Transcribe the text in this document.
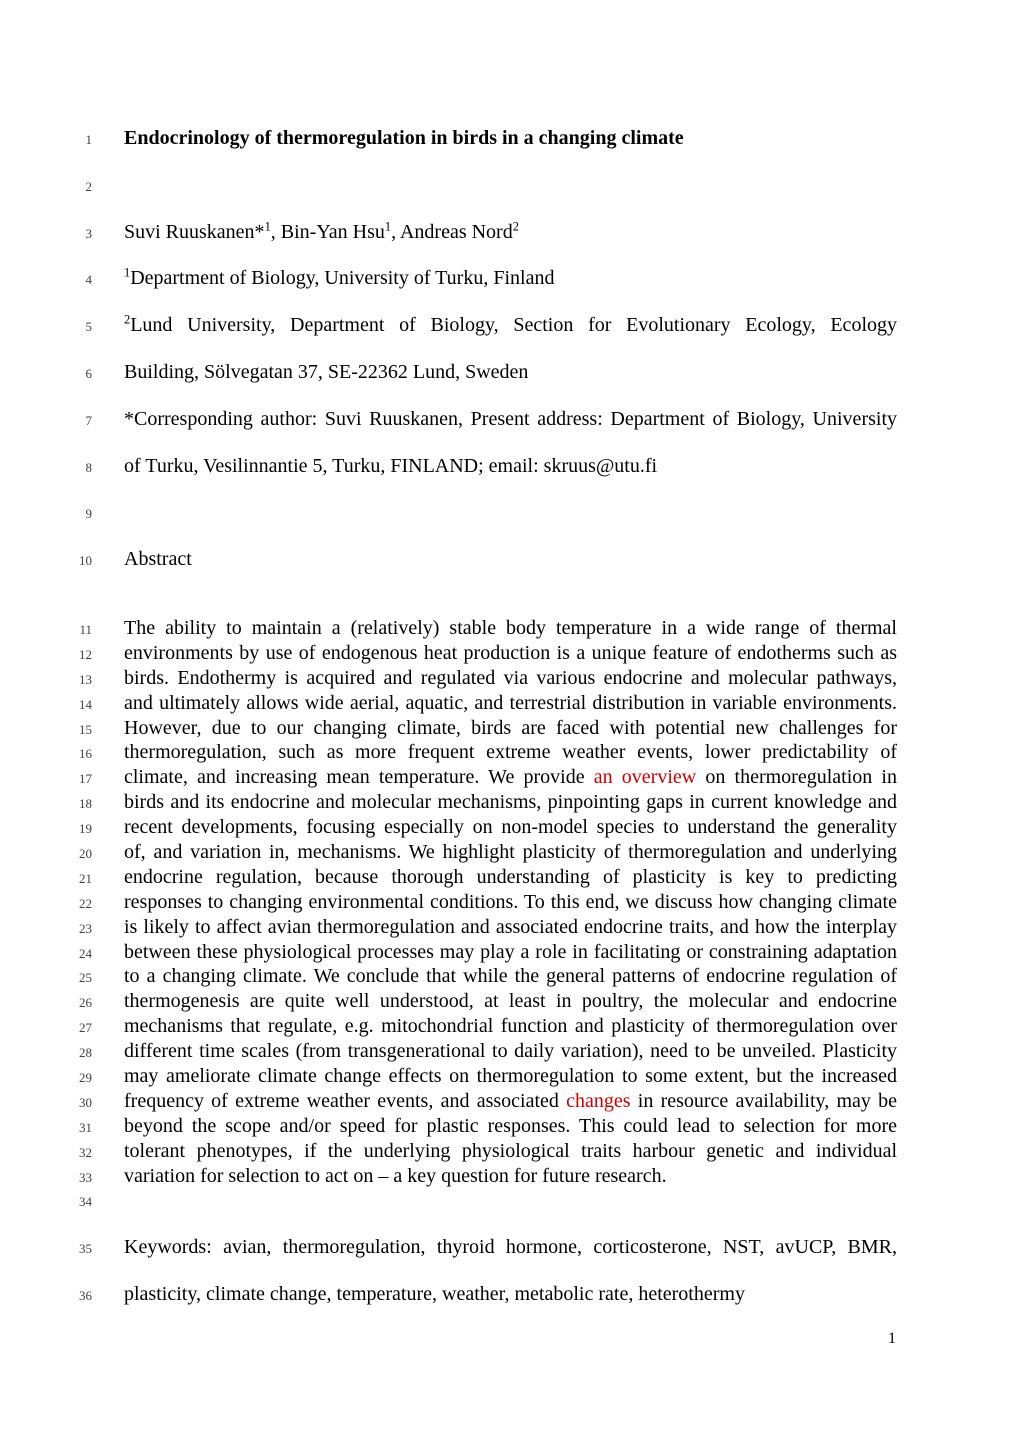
1 Endocrinology of thermoregulation in birds in a changing climate
2

3 Suvi Ruuskanen*$^1$, Bin-Yan Hsu$^1$, Andreas Nord$^2$
4	$^1$Department of Biology, University of Turku, Finland
5	$^2$Lund University, Department of Biology, Section for Evolutionary Ecology, Ecology
6 Building, Sölvegatan 37, SE-22362 Lund, Sweden
7 *Corresponding author: Suvi Ruuskanen, Present address: Department of Biology, University
8 of Turku, Vesilinnantie 5, Turku, FINLAND; email: skruus@utu.fi
9

10 Abstract
11 The ability to maintain a (relatively) stable body temperature in a wide range of thermal
12 environments by use of endogenous heat production is a unique feature of endotherms such as
13 birds. Endothermy is acquired and regulated via various endocrine and molecular pathways,
14 and ultimately allows wide aerial, aquatic, and terrestrial distribution in variable environments.
15 However, due to our changing climate, birds are faced with potential new challenges for
16 thermoregulation, such as more frequent extreme weather events, lower predictability of
17 climate, and increasing mean temperature. We provide an overview on thermoregulation in
18 birds and its endocrine and molecular mechanisms, pinpointing gaps in current knowledge and
19 recent developments, focusing especially on non-model species to understand the generality
20 of, and variation in, mechanisms. We highlight plasticity of thermoregulation and underlying
21 endocrine regulation, because thorough understanding of plasticity is key to predicting
22 responses to changing environmental conditions. To this end, we discuss how changing climate
23 is likely to affect avian thermoregulation and associated endocrine traits, and how the interplay
24 between these physiological processes may play a role in facilitating or constraining adaptation
25 to a changing climate. We conclude that while the general patterns of endocrine regulation of
26 thermogenesis are quite well understood, at least in poultry, the molecular and endocrine
27 mechanisms that regulate, e.g. mitochondrial function and plasticity of thermoregulation over
28 different time scales (from transgenerational to daily variation), need to be unveiled. Plasticity
29 may ameliorate climate change effects on thermoregulation to some extent, but the increased
30 frequency of extreme weather events, and associated changes in resource availability, may be
31 beyond the scope and/or speed for plastic responses. This could lead to selection for more
32 tolerant phenotypes, if the underlying physiological traits harbour genetic and individual
33 variation for selection to act on – a key question for future research.
34

35 Keywords: avian, thermoregulation, thyroid hormone, corticosterone, NST, avUCP, BMR,
36 plasticity, climate change, temperature, weather, metabolic rate, heterothermy
1
